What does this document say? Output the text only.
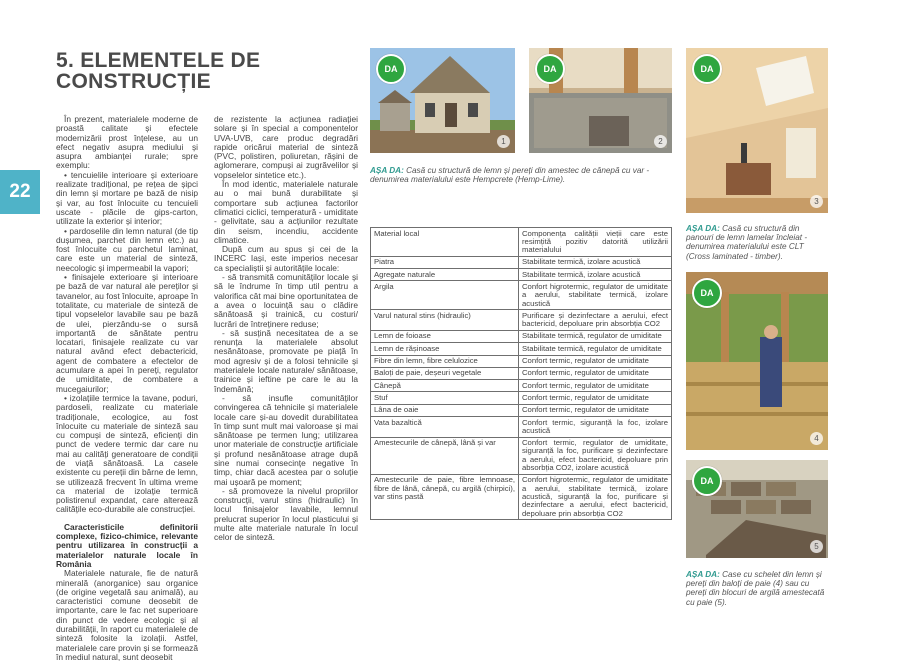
22
5. ELEMENTELE DE
CONSTRUCȚIE

În prezent, materialele moderne de proastă calitate și efectele modernizării prost înțelese, au un efect negativ asupra mediului și asupra ambianței rurale; spre exemplu:

• tencuielile interioare și exterioare realizate tradițional, pe rețea de șipci din lemn și mortare pe bază de nisip și var, au fost înlocuite cu tencuieli uscate - plăcile de gips-carton, utilizate la exterior și interior;

• pardoselile din lemn natural (de tip dușumea, parchet din lemn etc.) au fost înlocuite cu parchetul laminat, care este un material de sinteză, neecologic și impermeabil la vapori;

• finisajele exterioare și interioare pe bază de var natural ale pereților și tavanelor, au fost înlocuite, aproape în totalitate, cu materiale de sinteză de tipul vopselelor lavabile sau pe bază de ulei, pierzându-se o sursă importantă de sănătate pentru locatari, finisajele realizate cu var natural având efect debactericid, agent de combatere a efectelor de acumulare a apei în pereți, regulator de umiditate, de combatere a mucegaiurilor;

• izolațiile termice la tavane, poduri, pardoseli, realizate cu materiale tradiționale, ecologice, au fost înlocuite cu materiale de sinteză sau cu compuși de sinteză, eficienți din punct de vedere termic dar care nu mai au calități generatoare de condiții de viață sănătoasă. La casele existente cu pereții din bârne de lemn, se utilizează frecvent în ultima vreme ca material de izolație termică polistirenul expandat, care alterează calitățile eco-durabile ale construcției.

Caracteristicile definitorii complexe, fizico-chimice, relevante pentru utilizarea în construcții a materialelor naturale locale în România

Materialele naturale, fie de natură minerală (anorganice) sau organice (de origine vegetală sau animală), au caracteristici comune deosebit de importante, care le fac net superioare din punct de vedere ecologic și al durabilității, în raport cu materialele de sinteză folosite la izolații. Astfel, materialele care provin și se formează în mediul natural, sunt deosebit

de rezistente la acțiunea radiației solare și în special a componentelor UVA-UVB, care produc degradări rapide oricărui material de sinteză (PVC, polistiren, poliuretan, rășini de aglomerare, compuși ai zugrăvelilor și vopselelor sintetice etc.).

În mod identic, materialele naturale au o mai bună durabilitate și comportare sub acțiunea factorilor climatici ciclici, temperatură - umiditate - gelivitate, sau a acțiunilor rezultate din seism, incendiu, accidente climatice.

După cum au spus și cei de la INCERC Iași, este imperios necesar ca specialiștii și autoritățile locale:

- să transmită comunităților locale și să le îndrume în timp util pentru a valorifica cât mai bine oportunitatea de a avea o locuință sau o clădire sănătoasă și trainică, cu costuri/ lucrări de întreținere reduse;

- să susțină necesitatea de a se renunța la materialele absolut nesănătoase, promovate pe piață în mod agresiv și de a folosi tehnicile și materialele locale naturale/ sănătoase, trainice și ieftine pe care le au la îndemână;

- să insufle comunităților convingerea că tehnicile și materialele locale care și-au dovedit durabilitatea în timp sunt mult mai valoroase și mai sănătoase pe termen lung; utilizarea unor materiale de construcție artificiale și profund nesănătoase atrage după sine numai consecințe negative în timp, chiar dacă acestea par o soluție mai ușoară pe moment;

- să promoveze la nivelul propriilor construcții, varul stins (hidraulic) în locul finisajelor lavabile, lemnul prelucrat superior în locul plasticului și multe alte materiale naturale în locul celor de sinteză.

DA
1
DA
2
DA
3
DA
4
DA
5
AȘA DA: Casă cu structură de lemn și pereți din amestec de cânepă cu var - denumirea materialului este Hempcrete (Hemp-Lime).
AȘA DA: Casă cu structură din panouri de lemn lamelar încleiat - denumirea materialului este CLT (Cross laminated - timber).
AȘA DA: Case cu schelet din lemn și pereți din baloți de paie (4) sau cu pereți din blocuri de argilă amestecată cu paie (5).
Material local	Componența calității vieții care este resimțită pozitiv datorită utilizării materialului
Piatra	Stabilitate termică, izolare acustică
Agregate naturale	Stabilitate termică, izolare acustică
Argila	Confort higrotermic, regulator de umiditate a aerului, stabilitate termică, izolare acustică
Varul natural stins (hidraulic)	Purificare și dezinfectare a aerului, efect bactericid, depoluare prin absorbția CO2
Lemn de foioase	Stabilitate termică, regulator de umiditate
Lemn de rășinoase	Stabilitate termică, regulator de umiditate
Fibre din lemn, fibre celulozice	Confort termic, regulator de umiditate
Baloți de paie, deșeuri vegetale	Confort termic, regulator de umiditate
Cânepă	Confort termic, regulator de umiditate
Stuf	Confort termic, regulator de umiditate
Lâna de oaie	Confort termic, regulator de umiditate
Vata bazaltică	Confort termic, siguranță la foc, izolare acustică
Amestecurile de cânepă, lână și var	Confort termic, regulator de umiditate, siguranță la foc, purificare și dezinfectare a aerului, efect bactericid, depoluare prin absorbția CO2, izolare acustică
Amestecurile de paie, fibre lemnoase, fibre de lână, cânepă, cu argilă (chirpici), var stins pastă	Confort higrotermic, regulator de umiditate a aerului, stabilitate termică, izolare acustică, siguranță la foc, purificare și dezinfectare a aerului, efect bactericid, depoluare prin absorbția CO2
